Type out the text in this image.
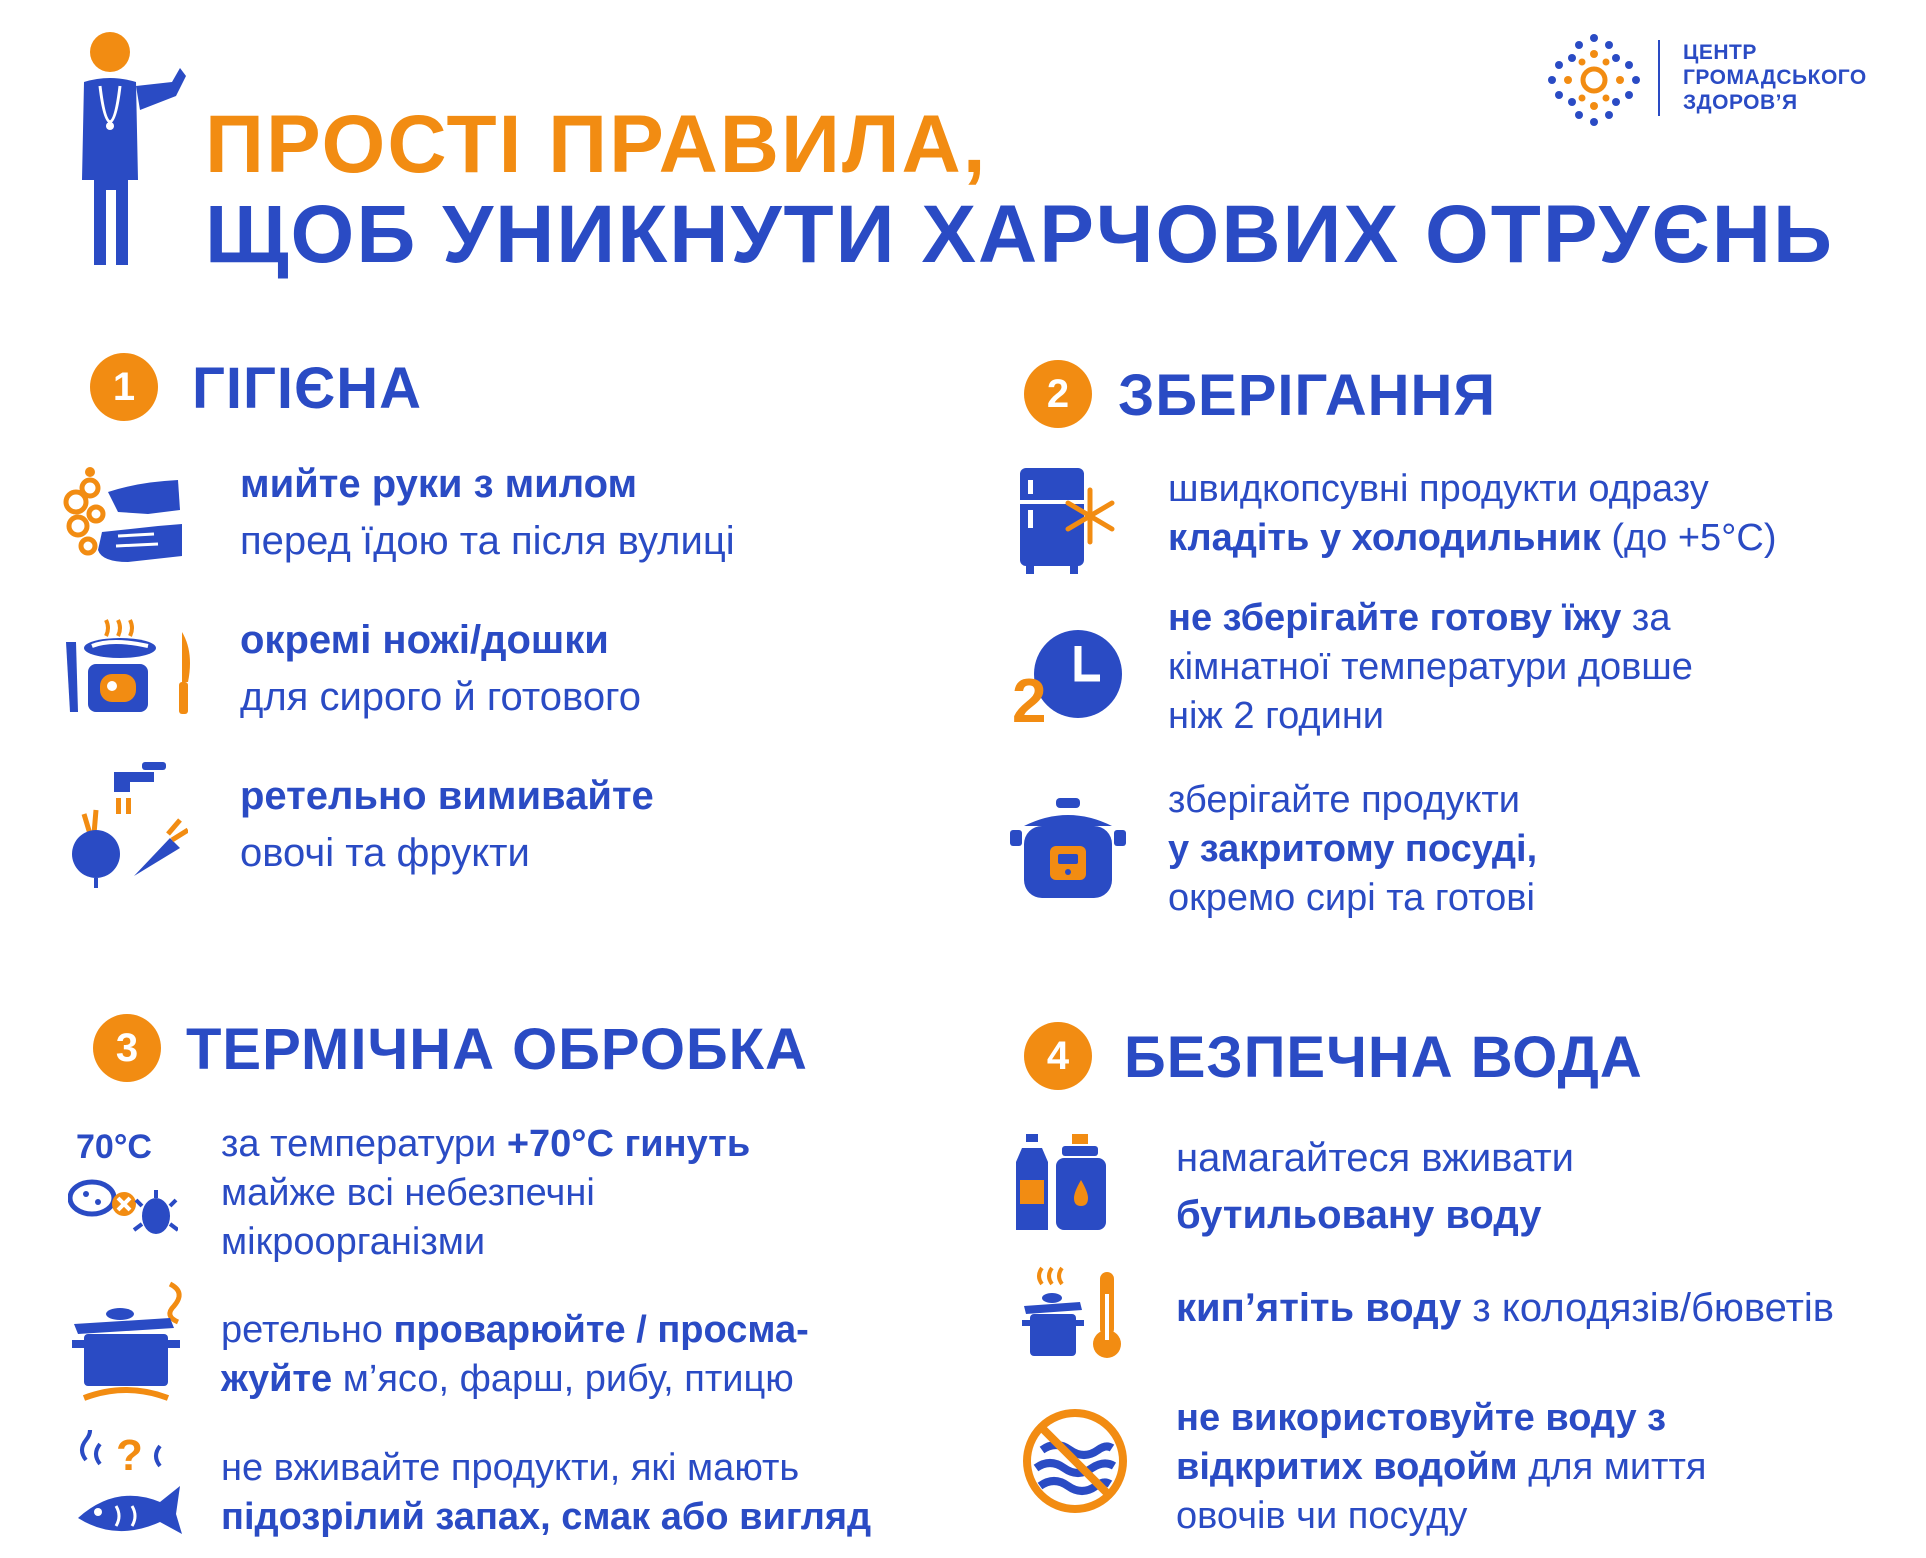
ПРОСТІ ПРАВИЛА,
ЩОБ УНИКНУТИ ХАРЧОВИХ ОТРУЄНЬ
ЦЕНТР
ГРОМАДСЬКОГО
ЗДОРОВ’Я
1 ГІГІЄНА
мийте руки з милом
перед їдою та після вулиці
окремі ножі/дошки
для сирого й готового
ретельно вимивайте
овочі та фрукти
2 ЗБЕРІГАННЯ
швидкопсувні продукти одразу
кладіть у холодильник (до +5°C)
2
не зберігайте готову їжу за
кімнатної температури довше
ніж 2 години
зберігайте продукти
у закритому посуді,
окремо сирі та готові
3 ТЕРМІЧНА ОБРОБКА
70°C за температури +70°C гинуть
майже всі небезпечні
мікроорганізми
ретельно проварюйте / просма-
жуйте м’ясо, фарш, рибу, птицю
? не вживайте продукти, які мають
підозрілий запах, смак або вигляд
4 БЕЗПЕЧНА ВОДА
намагайтеся вживати
бутильовану воду
кип’ятіть воду з колодязів/бюветів
не використовуйте воду з
відкритих водойм для миття
овочів чи посуду
